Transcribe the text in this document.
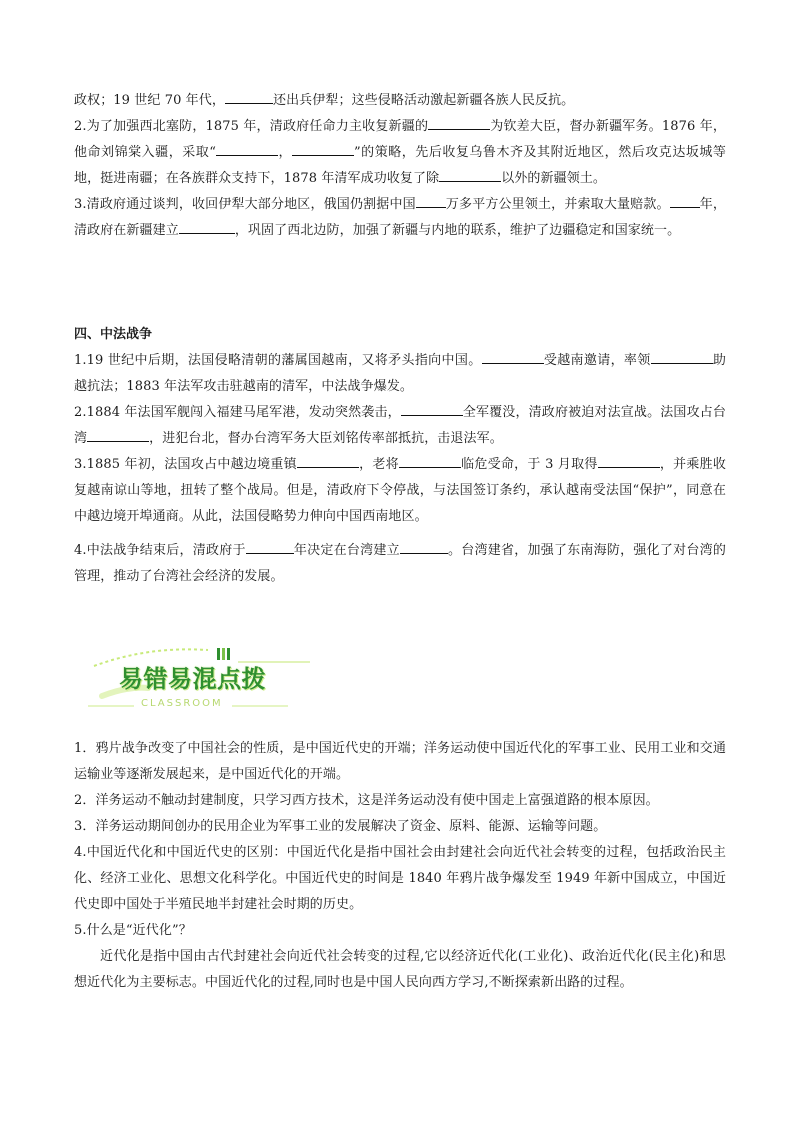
政权；19 世纪 70 年代，	还出兵伊犁；这些侵略活动激起新疆各族人民反抗。

2.为了加强西北塞防，1875 年，清政府任命力主收复新疆的	为钦差大臣，督办新疆军务。1876 年，他命刘锦棠入疆，采取“	，	”的策略，先后收复乌鲁木齐及其附近地区，然后攻克达坂城等地，挺进南疆；在各族群众支持下，1878 年清军成功收复了除	以外的新疆领土。

3.清政府通过谈判，收回伊犁大部分地区，俄国仍割据中国 万多平方公里领土，并索取大量赔款。 年，清政府在新疆建立	，巩固了西北边防，加强了新疆与内地的联系，维护了边疆稳定和国家统一。

四、中法战争

1.19 世纪中后期，法国侵略清朝的藩属国越南，又将矛头指向中国。	受越南邀请，率领	助越抗法；1883 年法军攻击驻越南的清军，中法战争爆发。

2.1884 年法国军舰闯入福建马尾军港，发动突然袭击，	全军覆没，清政府被迫对法宣战。法国攻占台湾	，进犯台北，督办台湾军务大臣刘铭传率部抵抗，击退法军。

3.1885 年初，法国攻占中越边境重镇	，老将	临危受命，于 3 月取得	，并乘胜收复越南谅山等地，扭转了整个战局。但是，清政府下令停战，与法国签订条约，承认越南受法国“保护”，同意在中越边境开埠通商。从此，法国侵略势力伸向中国西南地区。

4.中法战争结束后，清政府于	年决定在台湾建立	。台湾建省，加强了东南海防，强化了对台湾的管理，推动了台湾社会经济的发展。

易错易混点拨
CLASSROOM

1．鸦片战争改变了中国社会的性质，是中国近代史的开端；洋务运动使中国近代化的军事工业、民用工业和交通运输业等逐渐发展起来，是中国近代化的开端。

2．洋务运动不触动封建制度，只学习西方技术，这是洋务运动没有使中国走上富强道路的根本原因。

3．洋务运动期间创办的民用企业为军事工业的发展解决了资金、原料、能源、运输等问题。

4.中国近代化和中国近代史的区别：中国近代化是指中国社会由封建社会向近代社会转变的过程，包括政治民主化、经济工业化、思想文化科学化。中国近代史的时间是 1840 年鸦片战争爆发至 1949 年新中国成立，中国近代史即中国处于半殖民地半封建社会时期的历史。

5.什么是“近代化”？

近代化是指中国由古代封建社会向近代社会转变的过程,它以经济近代化(工业化)、政治近代化(民主化)和思想近代化为主要标志。中国近代化的过程,同时也是中国人民向西方学习,不断探索新出路的过程。
